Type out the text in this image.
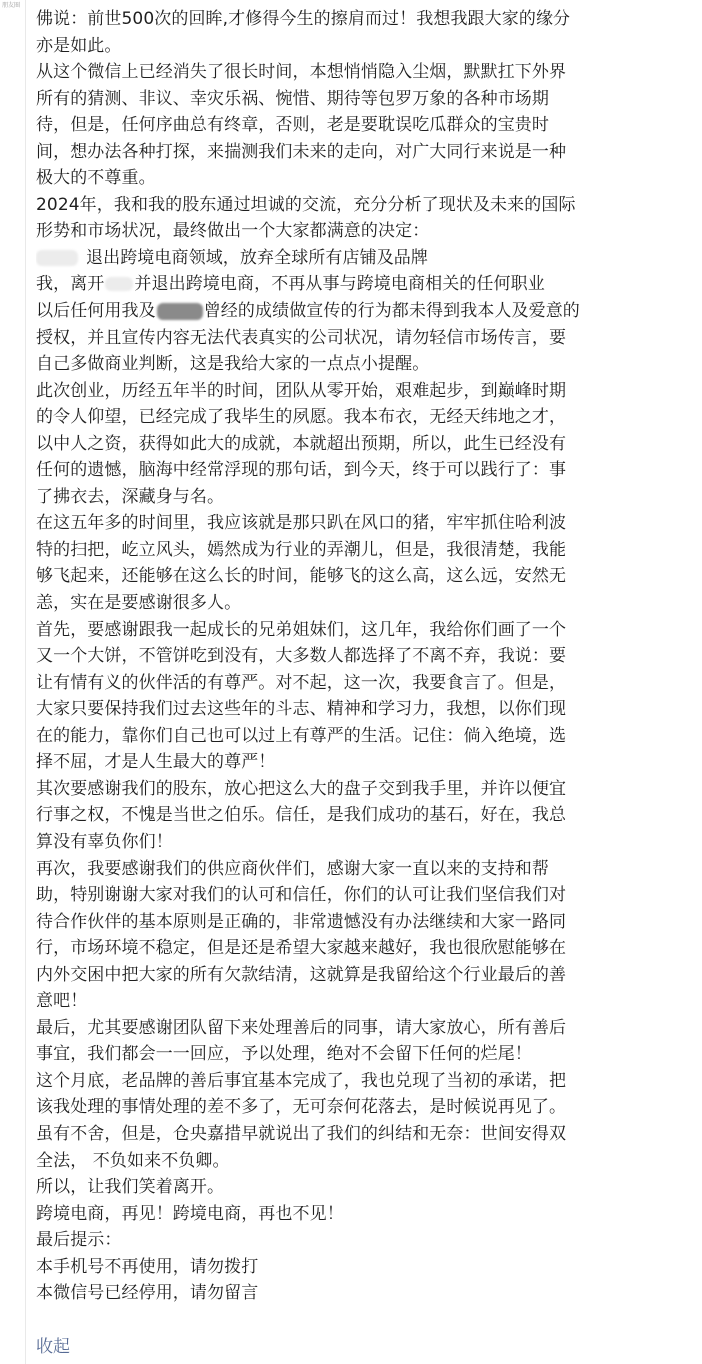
朋友圈
佛说：前世500次的回眸,才修得今生的擦肩而过！我想我跟大家的缘分
亦是如此。
从这个微信上已经消失了很长时间，本想悄悄隐入尘烟，默默扛下外界
所有的猜测、非议、幸灾乐祸、惋惜、期待等包罗万象的各种市场期
待，但是，任何序曲总有终章，否则，老是要耽误吃瓜群众的宝贵时
间，想办法各种打探，来揣测我们未来的走向，对广大同行来说是一种
极大的不尊重。
2024年，我和我的股东通过坦诚的交流，充分分析了现状及未来的国际
形势和市场状况，最终做出一个大家都满意的决定：
退出跨境电商领域，放弃全球所有店铺及品牌
我，离开 并退出跨境电商，不再从事与跨境电商相关的任何职业
以后任何用我及	曾经的成绩做宣传的行为都未得到我本人及爱意的
授权，并且宣传内容无法代表真实的公司状况，请勿轻信市场传言，要
自己多做商业判断，这是我给大家的一点点小提醒。
此次创业，历经五年半的时间，团队从零开始，艰难起步，到巅峰时期
的令人仰望，已经完成了我毕生的夙愿。我本布衣，无经天纬地之才，
以中人之资，获得如此大的成就，本就超出预期，所以，此生已经没有
任何的遗憾，脑海中经常浮现的那句话，到今天，终于可以践行了：事
了拂衣去，深藏身与名。
在这五年多的时间里，我应该就是那只趴在风口的猪，牢牢抓住哈利波
特的扫把，屹立风头，嫣然成为行业的弄潮儿，但是，我很清楚，我能
够飞起来，还能够在这么长的时间，能够飞的这么高，这么远，安然无
恙，实在是要感谢很多人。
首先，要感谢跟我一起成长的兄弟姐妹们，这几年，我给你们画了一个
又一个大饼，不管饼吃到没有，大多数人都选择了不离不弃，我说：要
让有情有义的伙伴活的有尊严。对不起，这一次，我要食言了。但是，
大家只要保持我们过去这些年的斗志、精神和学习力，我想，以你们现
在的能力，靠你们自己也可以过上有尊严的生活。记住：倘入绝境，选
择不屈，才是人生最大的尊严！
其次要感谢我们的股东，放心把这么大的盘子交到我手里，并许以便宜
行事之权，不愧是当世之伯乐。信任，是我们成功的基石，好在，我总
算没有辜负你们！
再次，我要感谢我们的供应商伙伴们，感谢大家一直以来的支持和帮
助，特别谢谢大家对我们的认可和信任，你们的认可让我们坚信我们对
待合作伙伴的基本原则是正确的，非常遗憾没有办法继续和大家一路同
行，市场环境不稳定，但是还是希望大家越来越好，我也很欣慰能够在
内外交困中把大家的所有欠款结清，这就算是我留给这个行业最后的善
意吧！
最后，尤其要感谢团队留下来处理善后的同事，请大家放心，所有善后
事宜，我们都会一一回应，予以处理，绝对不会留下任何的烂尾！
这个月底，老品牌的善后事宜基本完成了，我也兑现了当初的承诺，把
该我处理的事情处理的差不多了，无可奈何花落去，是时候说再见了。
虽有不舍，但是，仓央嘉措早就说出了我们的纠结和无奈：世间安得双
全法， 不负如来不负卿。
所以，让我们笑着离开。
跨境电商，再见！跨境电商，再也不见！
最后提示：
本手机号不再使用，请勿拨打
本微信号已经停用，请勿留言
收起
